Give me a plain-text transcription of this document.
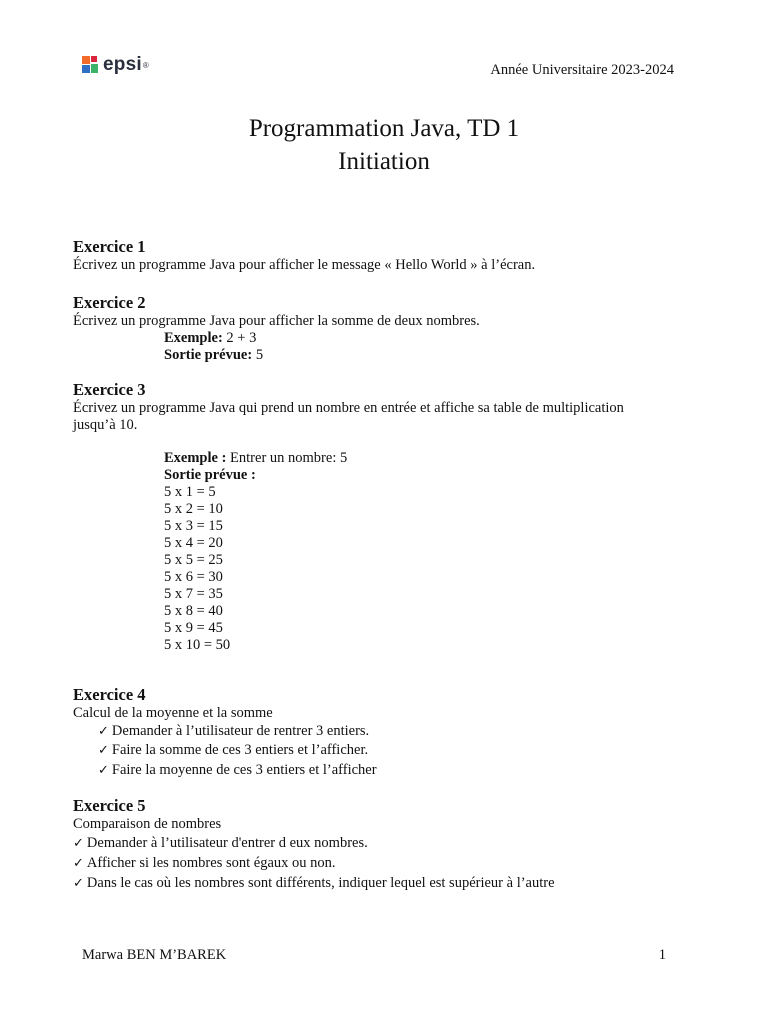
epsi ®	Année Universitaire 2023-2024
Programmation Java, TD 1
Initiation
Exercice 1
Écrivez un programme Java pour afficher le message « Hello World » à l’écran.
Exercice 2
Écrivez un programme Java pour afficher la somme de deux nombres.
Exemple: 2 + 3
Sortie prévue: 5
Exercice 3
Écrivez un programme Java qui prend un nombre en entrée et affiche sa table de multiplication
jusqu’à 10.
Exemple : Entrer un nombre: 5
Sortie prévue :
5 x 1 = 5
5 x 2 = 10
5 x 3 = 15
5 x 4 = 20
5 x 5 = 25
5 x 6 = 30
5 x 7 = 35
5 x 8 = 40
5 x 9 = 45
5 x 10 = 50
Exercice 4
Calcul de la moyenne et la somme
✓ Demander à l’utilisateur de rentrer 3 entiers.
✓ Faire la somme de ces 3 entiers et l’afficher.
✓ Faire la moyenne de ces 3 entiers et l’afficher
Exercice 5
Comparaison de nombres
✓ Demander à l’utilisateur d'entrer d eux nombres.
✓ Afficher si les nombres sont égaux ou non.
✓ Dans le cas où les nombres sont différents, indiquer lequel est supérieur à l’autre
Marwa BEN M’BAREK	1
